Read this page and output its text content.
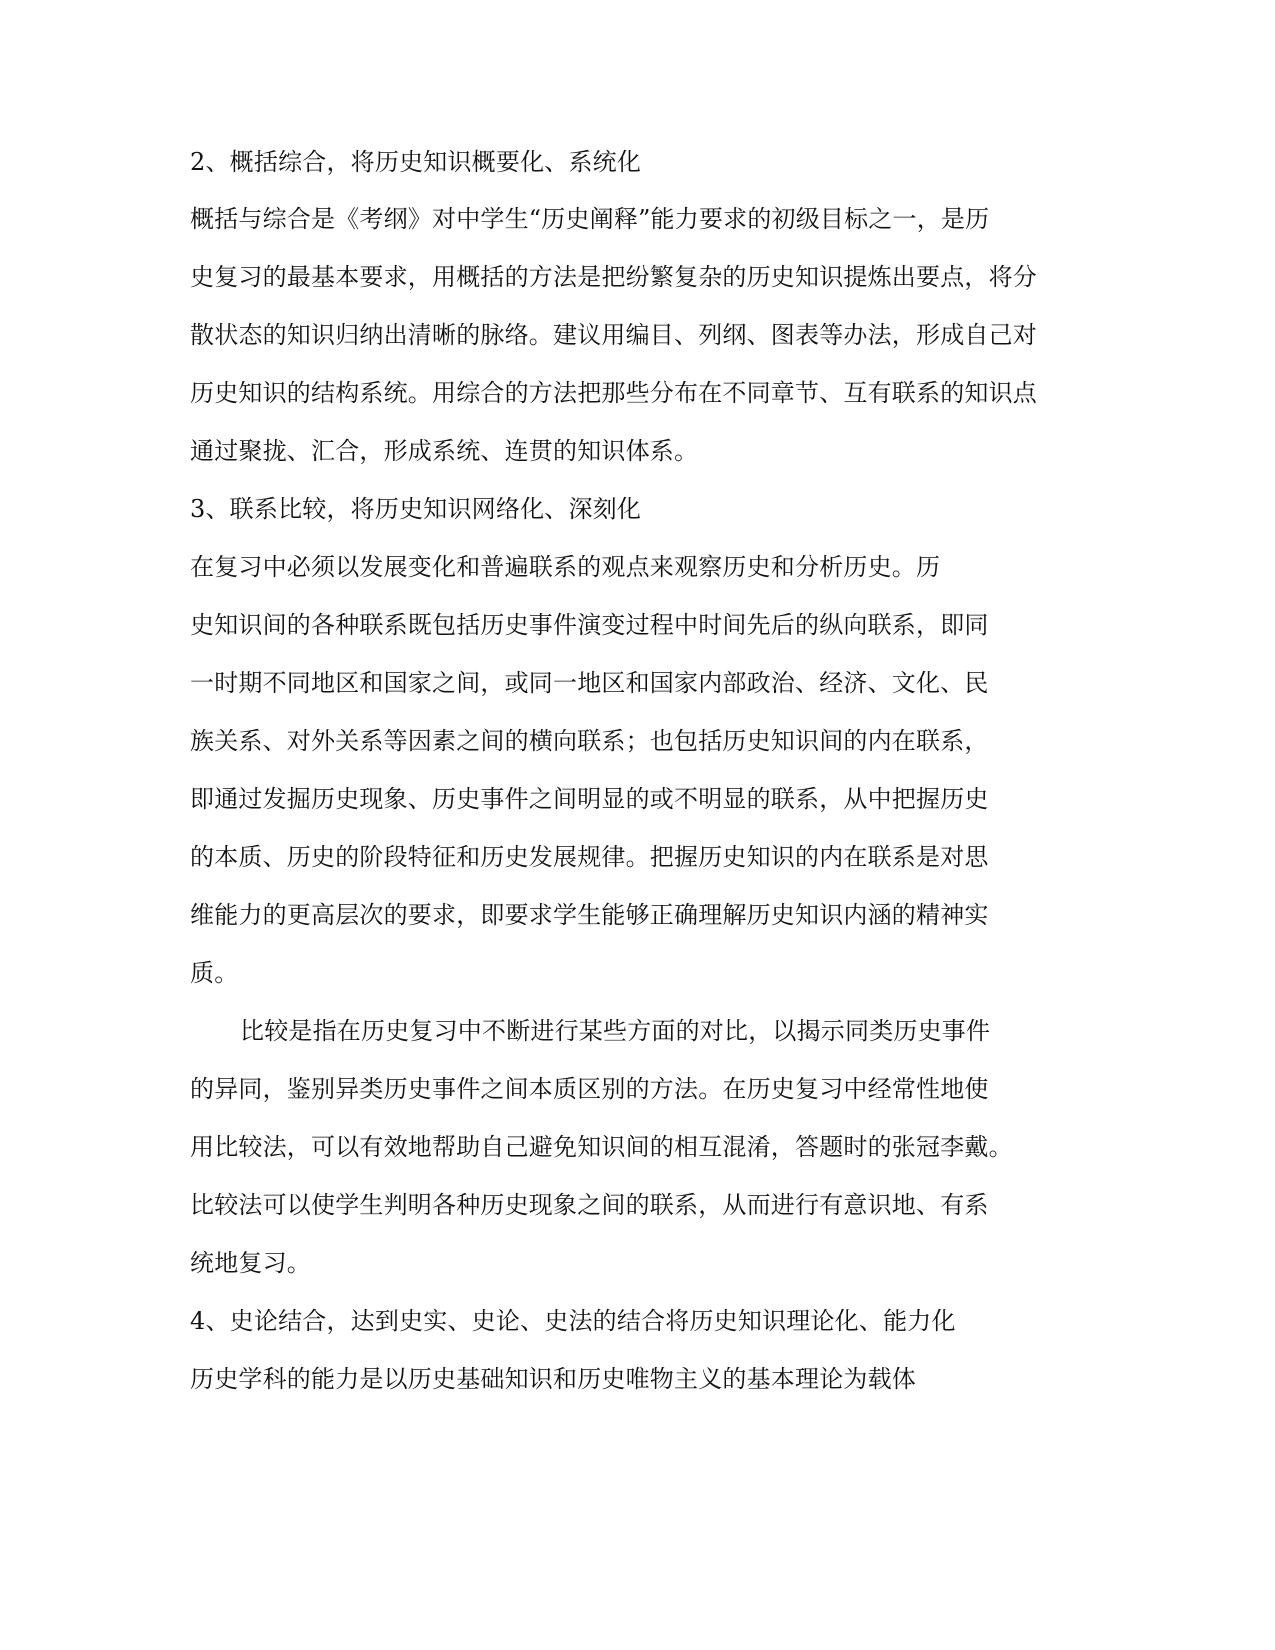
2、概括综合，将历史知识概要化、系统化
概括与综合是《考纲》对中学生“历史阐释”能力要求的初级目标之一，是历
史复习的最基本要求，用概括的方法是把纷繁复杂的历史知识提炼出要点，将分
散状态的知识归纳出清晰的脉络。建议用编目、列纲、图表等办法，形成自己对
历史知识的结构系统。用综合的方法把那些分布在不同章节、互有联系的知识点
通过聚拢、汇合，形成系统、连贯的知识体系。
3、联系比较，将历史知识网络化、深刻化
在复习中必须以发展变化和普遍联系的观点来观察历史和分析历史。历
史知识间的各种联系既包括历史事件演变过程中时间先后的纵向联系，即同
一时期不同地区和国家之间，或同一地区和国家内部政治、经济、文化、民
族关系、对外关系等因素之间的横向联系；也包括历史知识间的内在联系，
即通过发掘历史现象、历史事件之间明显的或不明显的联系，从中把握历史
的本质、历史的阶段特征和历史发展规律。把握历史知识的内在联系是对思
维能力的更高层次的要求，即要求学生能够正确理解历史知识内涵的精神实
质。
比较是指在历史复习中不断进行某些方面的对比，以揭示同类历史事件
的异同，鉴别异类历史事件之间本质区别的方法。在历史复习中经常性地使
用比较法，可以有效地帮助自己避免知识间的相互混淆，答题时的张冠李戴。
比较法可以使学生判明各种历史现象之间的联系，从而进行有意识地、有系
统地复习。
4、史论结合，达到史实、史论、史法的结合将历史知识理论化、能力化
历史学科的能力是以历史基础知识和历史唯物主义的基本理论为载体
